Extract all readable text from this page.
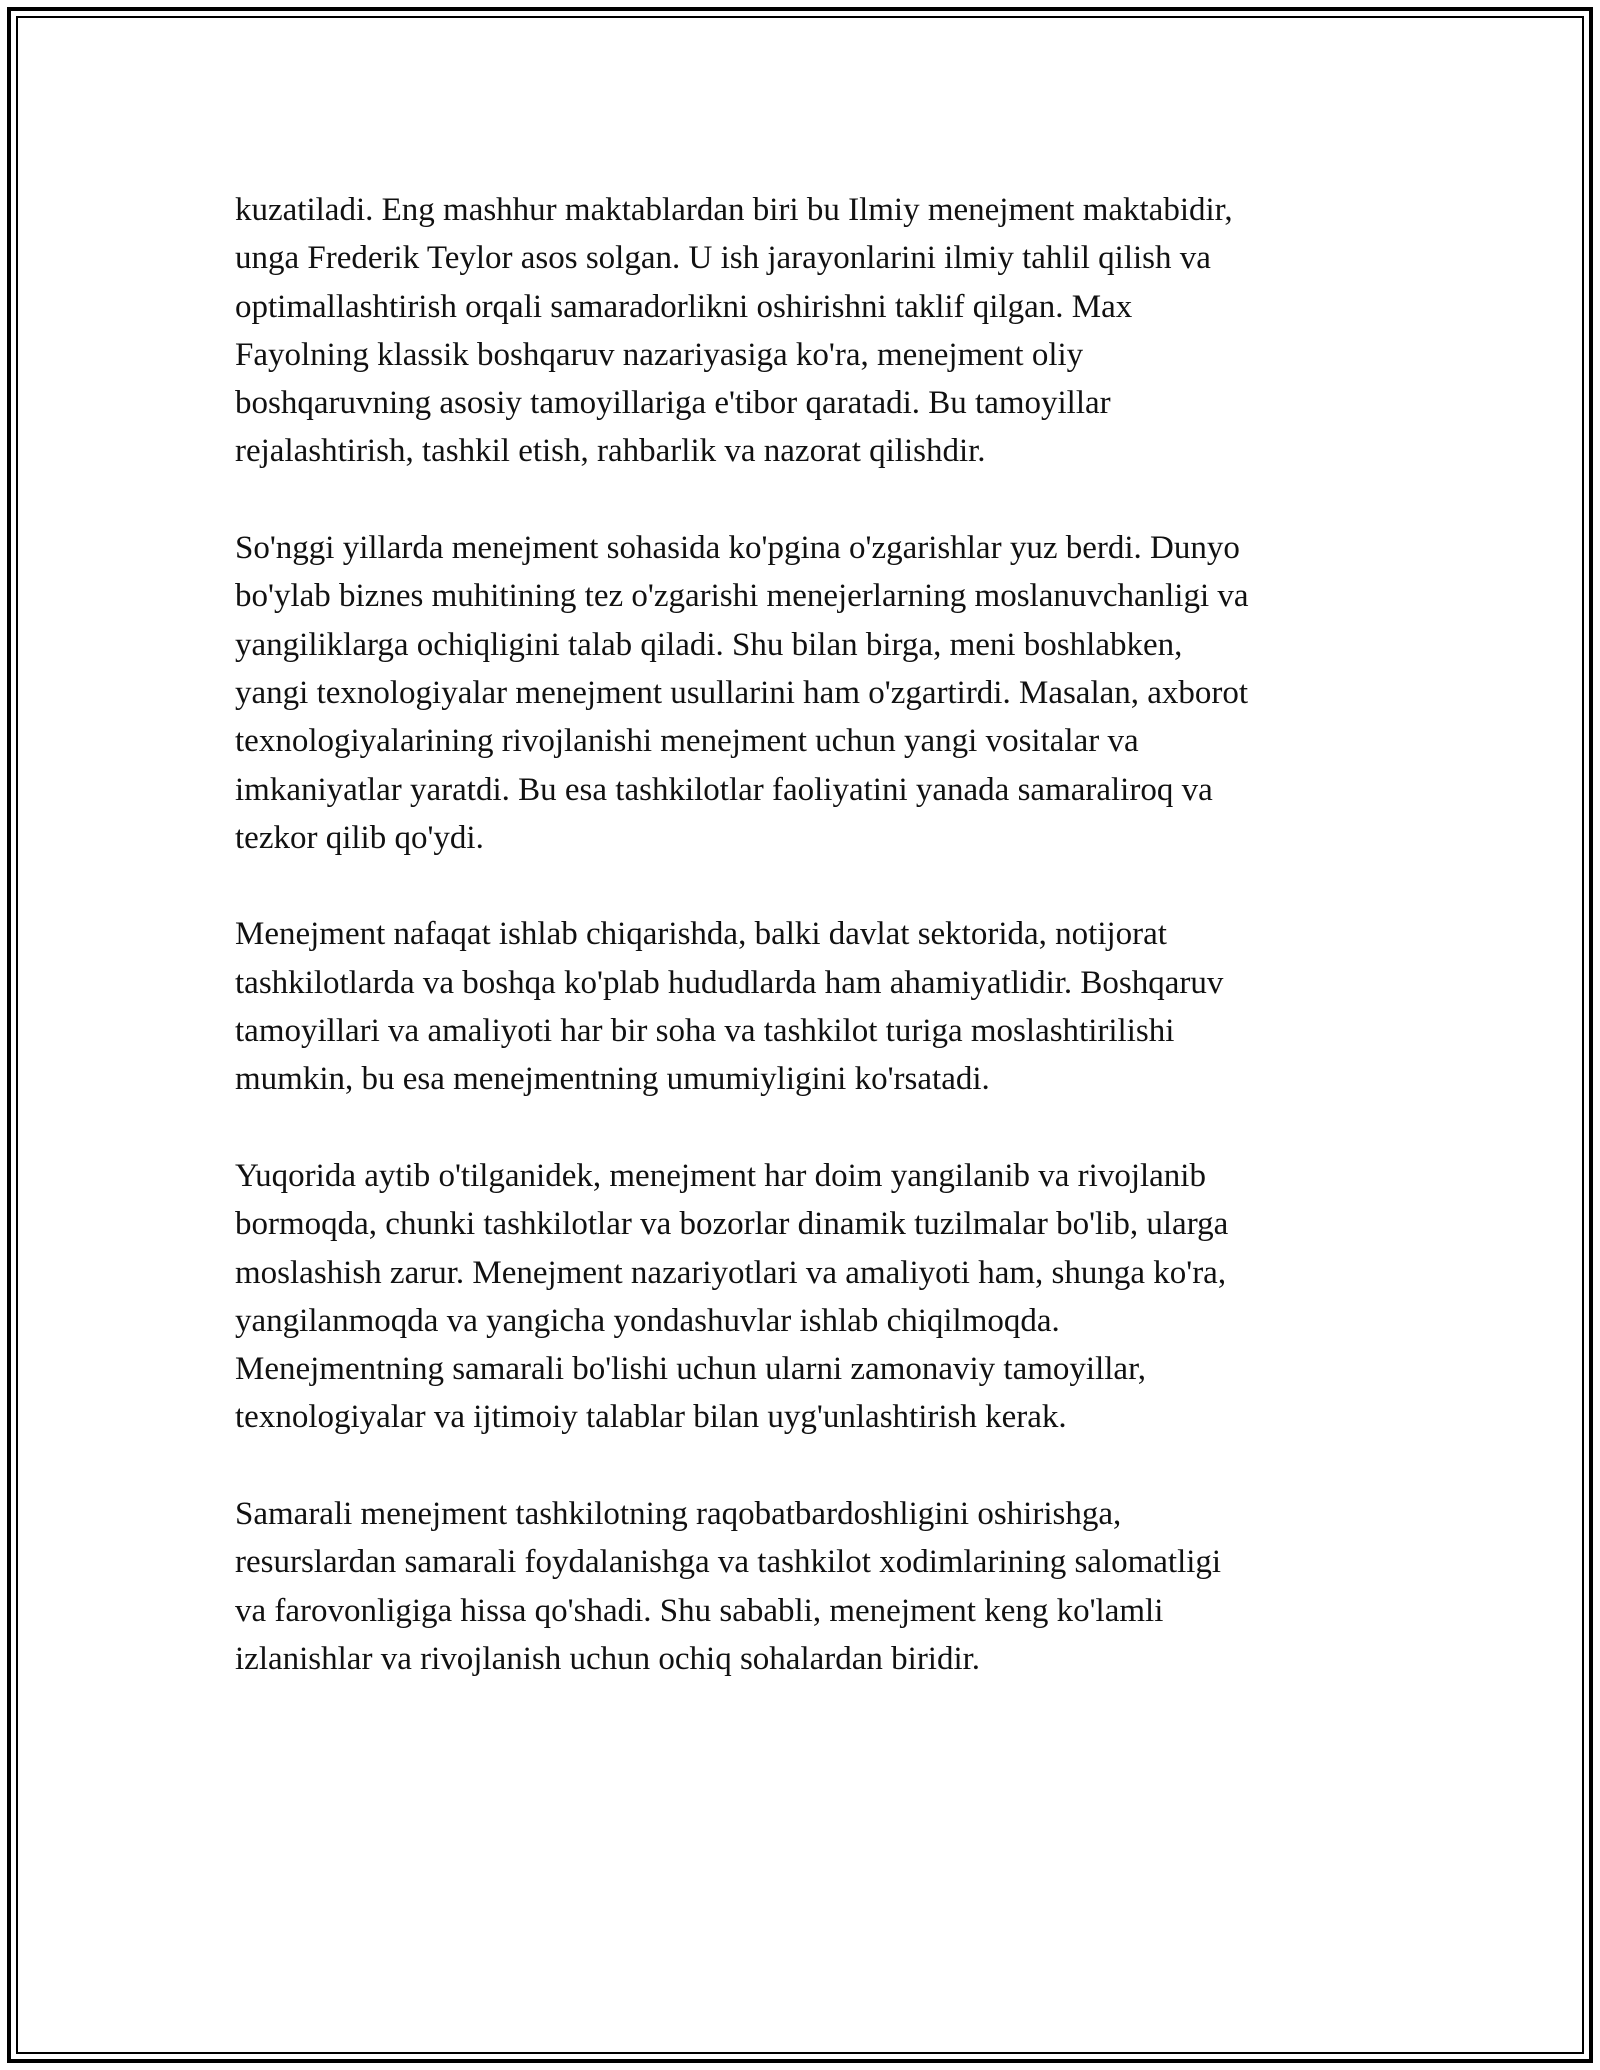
kuzatiladi. Eng mashhur maktablardan biri bu Ilmiy menejment maktabidir,
unga Frederik Teylor asos solgan. U ish jarayonlarini ilmiy tahlil qilish va
optimallashtirish orqali samaradorlikni oshirishni taklif qilgan. Max
Fayolning klassik boshqaruv nazariyasiga ko'ra, menejment oliy
boshqaruvning asosiy tamoyillariga e'tibor qaratadi. Bu tamoyillar
rejalashtirish, tashkil etish, rahbarlik va nazorat qilishdir.

So'nggi yillarda menejment sohasida ko'pgina o'zgarishlar yuz berdi. Dunyo
bo'ylab biznes muhitining tez o'zgarishi menejerlarning moslanuvchanligi va
yangiliklarga ochiqligini talab qiladi. Shu bilan birga, meni boshlabken,
yangi texnologiyalar menejment usullarini ham o'zgartirdi. Masalan, axborot
texnologiyalarining rivojlanishi menejment uchun yangi vositalar va
imkaniyatlar yaratdi. Bu esa tashkilotlar faoliyatini yanada samaraliroq va
tezkor qilib qo'ydi.

Menejment nafaqat ishlab chiqarishda, balki davlat sektorida, notijorat
tashkilotlarda va boshqa ko'plab hududlarda ham ahamiyatlidir. Boshqaruv
tamoyillari va amaliyoti har bir soha va tashkilot turiga moslashtirilishi
mumkin, bu esa menejmentning umumiyligini ko'rsatadi.

Yuqorida aytib o'tilganidek, menejment har doim yangilanib va rivojlanib
bormoqda, chunki tashkilotlar va bozorlar dinamik tuzilmalar bo'lib, ularga
moslashish zarur. Menejment nazariyotlari va amaliyoti ham, shunga ko'ra,
yangilanmoqda va yangicha yondashuvlar ishlab chiqilmoqda.
Menejmentning samarali bo'lishi uchun ularni zamonaviy tamoyillar,
texnologiyalar va ijtimoiy talablar bilan uyg'unlashtirish kerak.

Samarali menejment tashkilotning raqobatbardoshligini oshirishga,
resurslardan samarali foydalanishga va tashkilot xodimlarining salomatligi
va farovonligiga hissa qo'shadi. Shu sababli, menejment keng ko'lamli
izlanishlar va rivojlanish uchun ochiq sohalardan biridir.
